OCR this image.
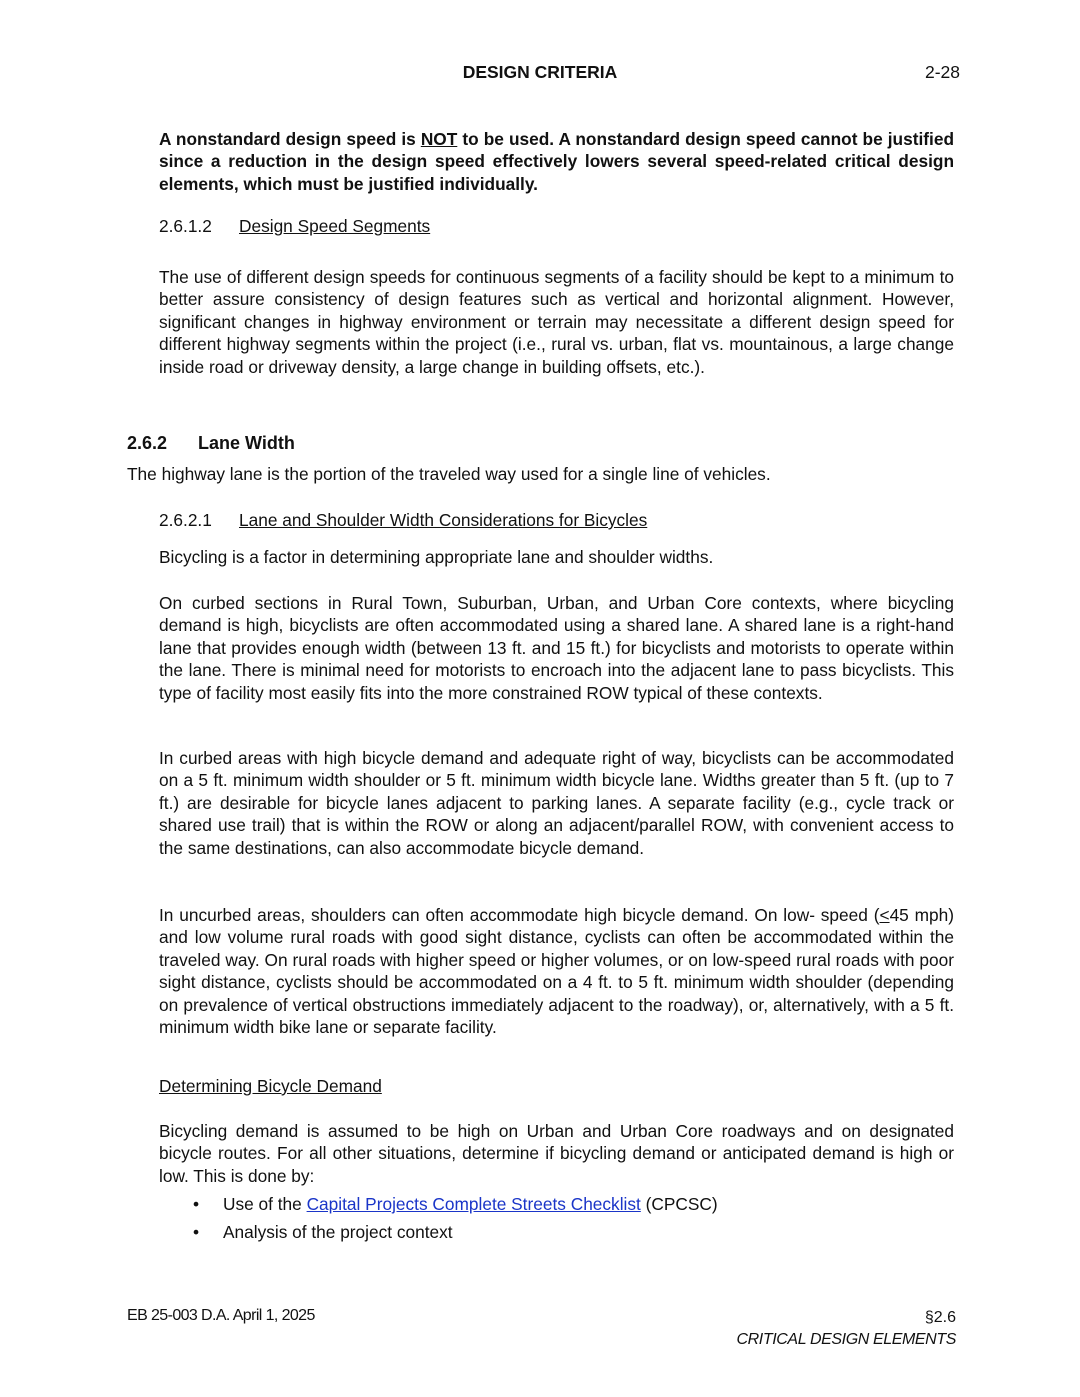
DESIGN CRITERIA	2-28
A nonstandard design speed is NOT to be used. A nonstandard design speed cannot be justified since a reduction in the design speed effectively lowers several speed-related critical design elements, which must be justified individually.
2.6.1.2 Design Speed Segments
The use of different design speeds for continuous segments of a facility should be kept to a minimum to better assure consistency of design features such as vertical and horizontal alignment. However, significant changes in highway environment or terrain may necessitate a different design speed for different highway segments within the project (i.e., rural vs. urban, flat vs. mountainous, a large change inside road or driveway density, a large change in building offsets, etc.).
2.6.2 Lane Width
The highway lane is the portion of the traveled way used for a single line of vehicles.
2.6.2.1 Lane and Shoulder Width Considerations for Bicycles
Bicycling is a factor in determining appropriate lane and shoulder widths.
On curbed sections in Rural Town, Suburban, Urban, and Urban Core contexts, where bicycling demand is high, bicyclists are often accommodated using a shared lane. A shared lane is a right-hand lane that provides enough width (between 13 ft. and 15 ft.) for bicyclists and motorists to operate within the lane. There is minimal need for motorists to encroach into the adjacent lane to pass bicyclists. This type of facility most easily fits into the more constrained ROW typical of these contexts.
In curbed areas with high bicycle demand and adequate right of way, bicyclists can be accommodated on a 5 ft. minimum width shoulder or 5 ft. minimum width bicycle lane. Widths greater than 5 ft. (up to 7 ft.) are desirable for bicycle lanes adjacent to parking lanes. A separate facility (e.g., cycle track or shared use trail) that is within the ROW or along an adjacent/parallel ROW, with convenient access to the same destinations, can also accommodate bicycle demand.
In uncurbed areas, shoulders can often accommodate high bicycle demand. On low- speed (≤45 mph) and low volume rural roads with good sight distance, cyclists can often be accommodated within the traveled way. On rural roads with higher speed or higher volumes, or on low-speed rural roads with poor sight distance, cyclists should be accommodated on a 4 ft. to 5 ft. minimum width shoulder (depending on prevalence of vertical obstructions immediately adjacent to the roadway), or, alternatively, with a 5 ft. minimum width bike lane or separate facility.
Determining Bicycle Demand
Bicycling demand is assumed to be high on Urban and Urban Core roadways and on designated bicycle routes. For all other situations, determine if bicycling demand or anticipated demand is high or low. This is done by:
• Use of the Capital Projects Complete Streets Checklist (CPCSC)
• Analysis of the project context
EB 25-003 D.A. April 1, 2025	§2.6
CRITICAL DESIGN ELEMENTS
